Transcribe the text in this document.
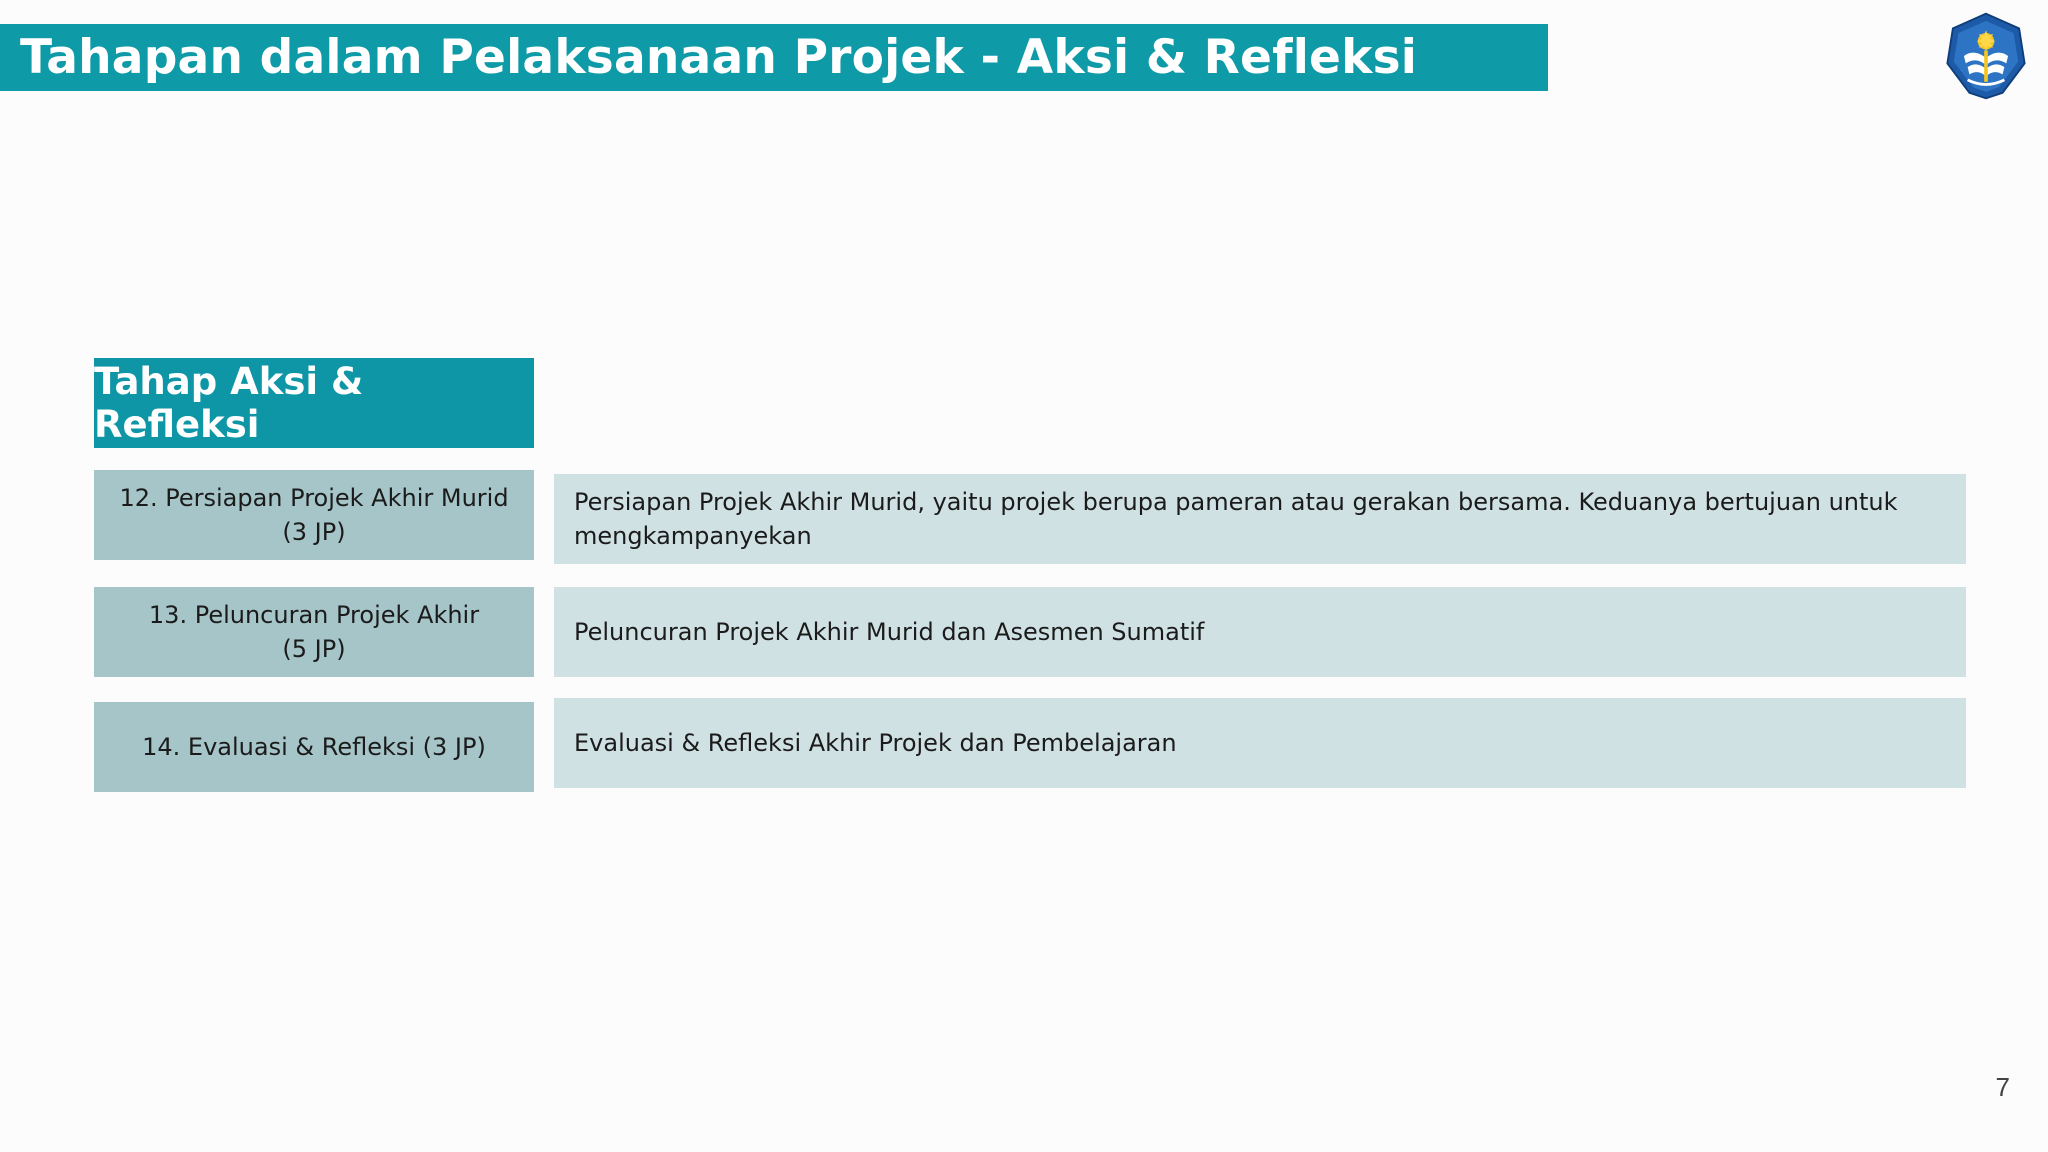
Tahapan dalam Pelaksanaan Projek - Aksi & Refleksi
Tahap Aksi & Refleksi
12. Persiapan Projek Akhir Murid
(3 JP)
Persiapan Projek Akhir Murid, yaitu projek berupa pameran atau gerakan bersama. Keduanya bertujuan untuk mengkampanyekan
13. Peluncuran Projek Akhir
(5 JP)
Peluncuran Projek Akhir Murid dan Asesmen Sumatif
14. Evaluasi & Refleksi (3 JP)	Evaluasi & Refleksi Akhir Projek dan Pembelajaran
7
